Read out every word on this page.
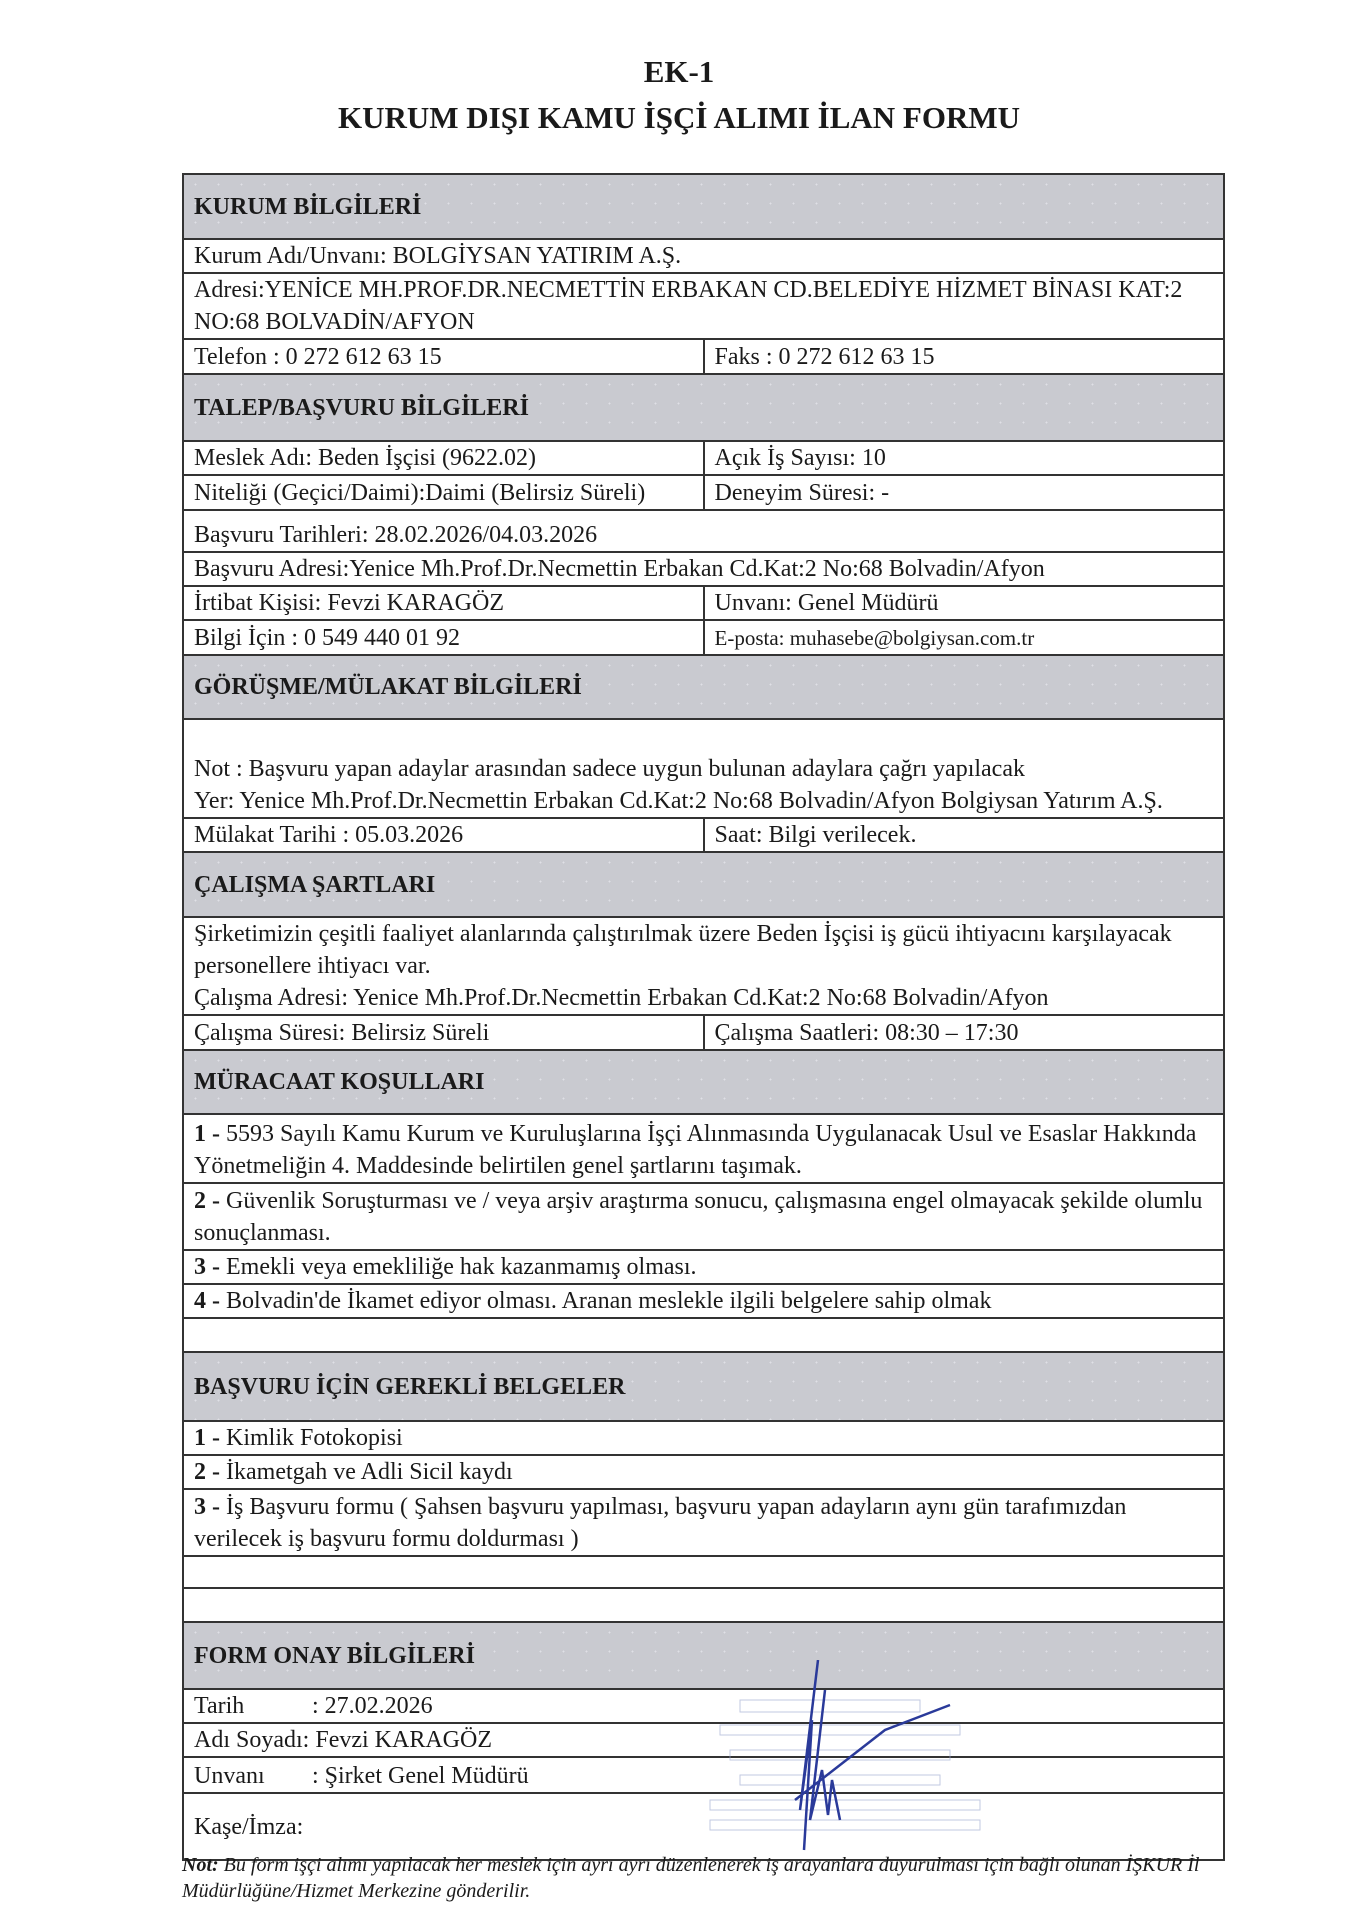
EK-1
KURUM DIŞI KAMU İŞÇİ ALIMI İLAN FORMU
KURUM BİLGİLERİ	
Kurum Adı/Unvanı: BOLGİYSAN YATIRIM A.Ş.	
Adresi:YENİCE MH.PROF.DR.NECMETTİN ERBAKAN CD.BELEDİYE HİZMET BİNASI KAT:2 NO:68 BOLVADİN/AFYON	
Telefon : 0 272 612 63 15	Faks : 0 272 612 63 15
TALEP/BAŞVURU BİLGİLERİ	
Meslek Adı: Beden İşçisi (9622.02)	Açık İş Sayısı: 10
Niteliği (Geçici/Daimi):Daimi (Belirsiz Süreli)	Deneyim Süresi: -
Başvuru Tarihleri: 28.02.2026/04.03.2026	
Başvuru Adresi:Yenice Mh.Prof.Dr.Necmettin Erbakan Cd.Kat:2 No:68 Bolvadin/Afyon	
İrtibat Kişisi: Fevzi KARAGÖZ	Unvanı: Genel Müdürü
Bilgi İçin : 0 549 440 01 92	E-posta: muhasebe@bolgiysan.com.tr
GÖRÜŞME/MÜLAKAT BİLGİLERİ	

Not : Başvuru yapan adaylar arasından sadece uygun bulunan adaylara çağrı yapılacak
Yer: Yenice Mh.Prof.Dr.Necmettin Erbakan Cd.Kat:2 No:68 Bolvadin/Afyon Bolgiysan Yatırım A.Ş.	

Mülakat Tarihi : 05.03.2026	Saat: Bilgi verilecek.
ÇALIŞMA ŞARTLARI	

Şirketimizin çeşitli faaliyet alanlarında çalıştırılmak üzere Beden İşçisi iş gücü ihtiyacını karşılayacak personellere ihtiyacı var.
Çalışma Adresi: Yenice Mh.Prof.Dr.Necmettin Erbakan Cd.Kat:2 No:68 Bolvadin/Afyon	

Çalışma Süresi: Belirsiz Süreli	Çalışma Saatleri: 08:30 – 17:30
MÜRACAAT KOŞULLARI	
1 - 5593 Sayılı Kamu Kurum ve Kuruluşlarına İşçi Alınmasında Uygulanacak Usul ve Esaslar Hakkında Yönetmeliğin 4. Maddesinde belirtilen genel şartlarını taşımak.	
2 - Güvenlik Soruşturması ve / veya arşiv araştırma sonucu, çalışmasına engel olmayacak şekilde olumlu sonuçlanması.	
3 - Emekli veya emekliliğe hak kazanmamış olması.	
4 - Bolvadin'de İkamet ediyor olması. Aranan meslekle ilgili belgelere sahip olmak	

BAŞVURU İÇİN GEREKLİ BELGELER	
1 - Kimlik Fotokopisi	
2 - İkametgah ve Adli Sicil kaydı	
3 - İş Başvuru formu ( Şahsen başvuru yapılması, başvuru yapan adayların aynı gün tarafımızdan verilecek iş başvuru formu doldurması )	

FORM ONAY BİLGİLERİ	
Tarih : 27.02.2026	
Adı Soyadı: Fevzi KARAGÖZ	
Unvanı : Şirket Genel Müdürü	
Kaşe/İmza:	
Not: Bu form işçi alımı yapılacak her meslek için ayrı ayrı düzenlenerek iş arayanlara duyurulması için bağlı olunan İŞKUR İl Müdürlüğüne/Hizmet Merkezine gönderilir.
